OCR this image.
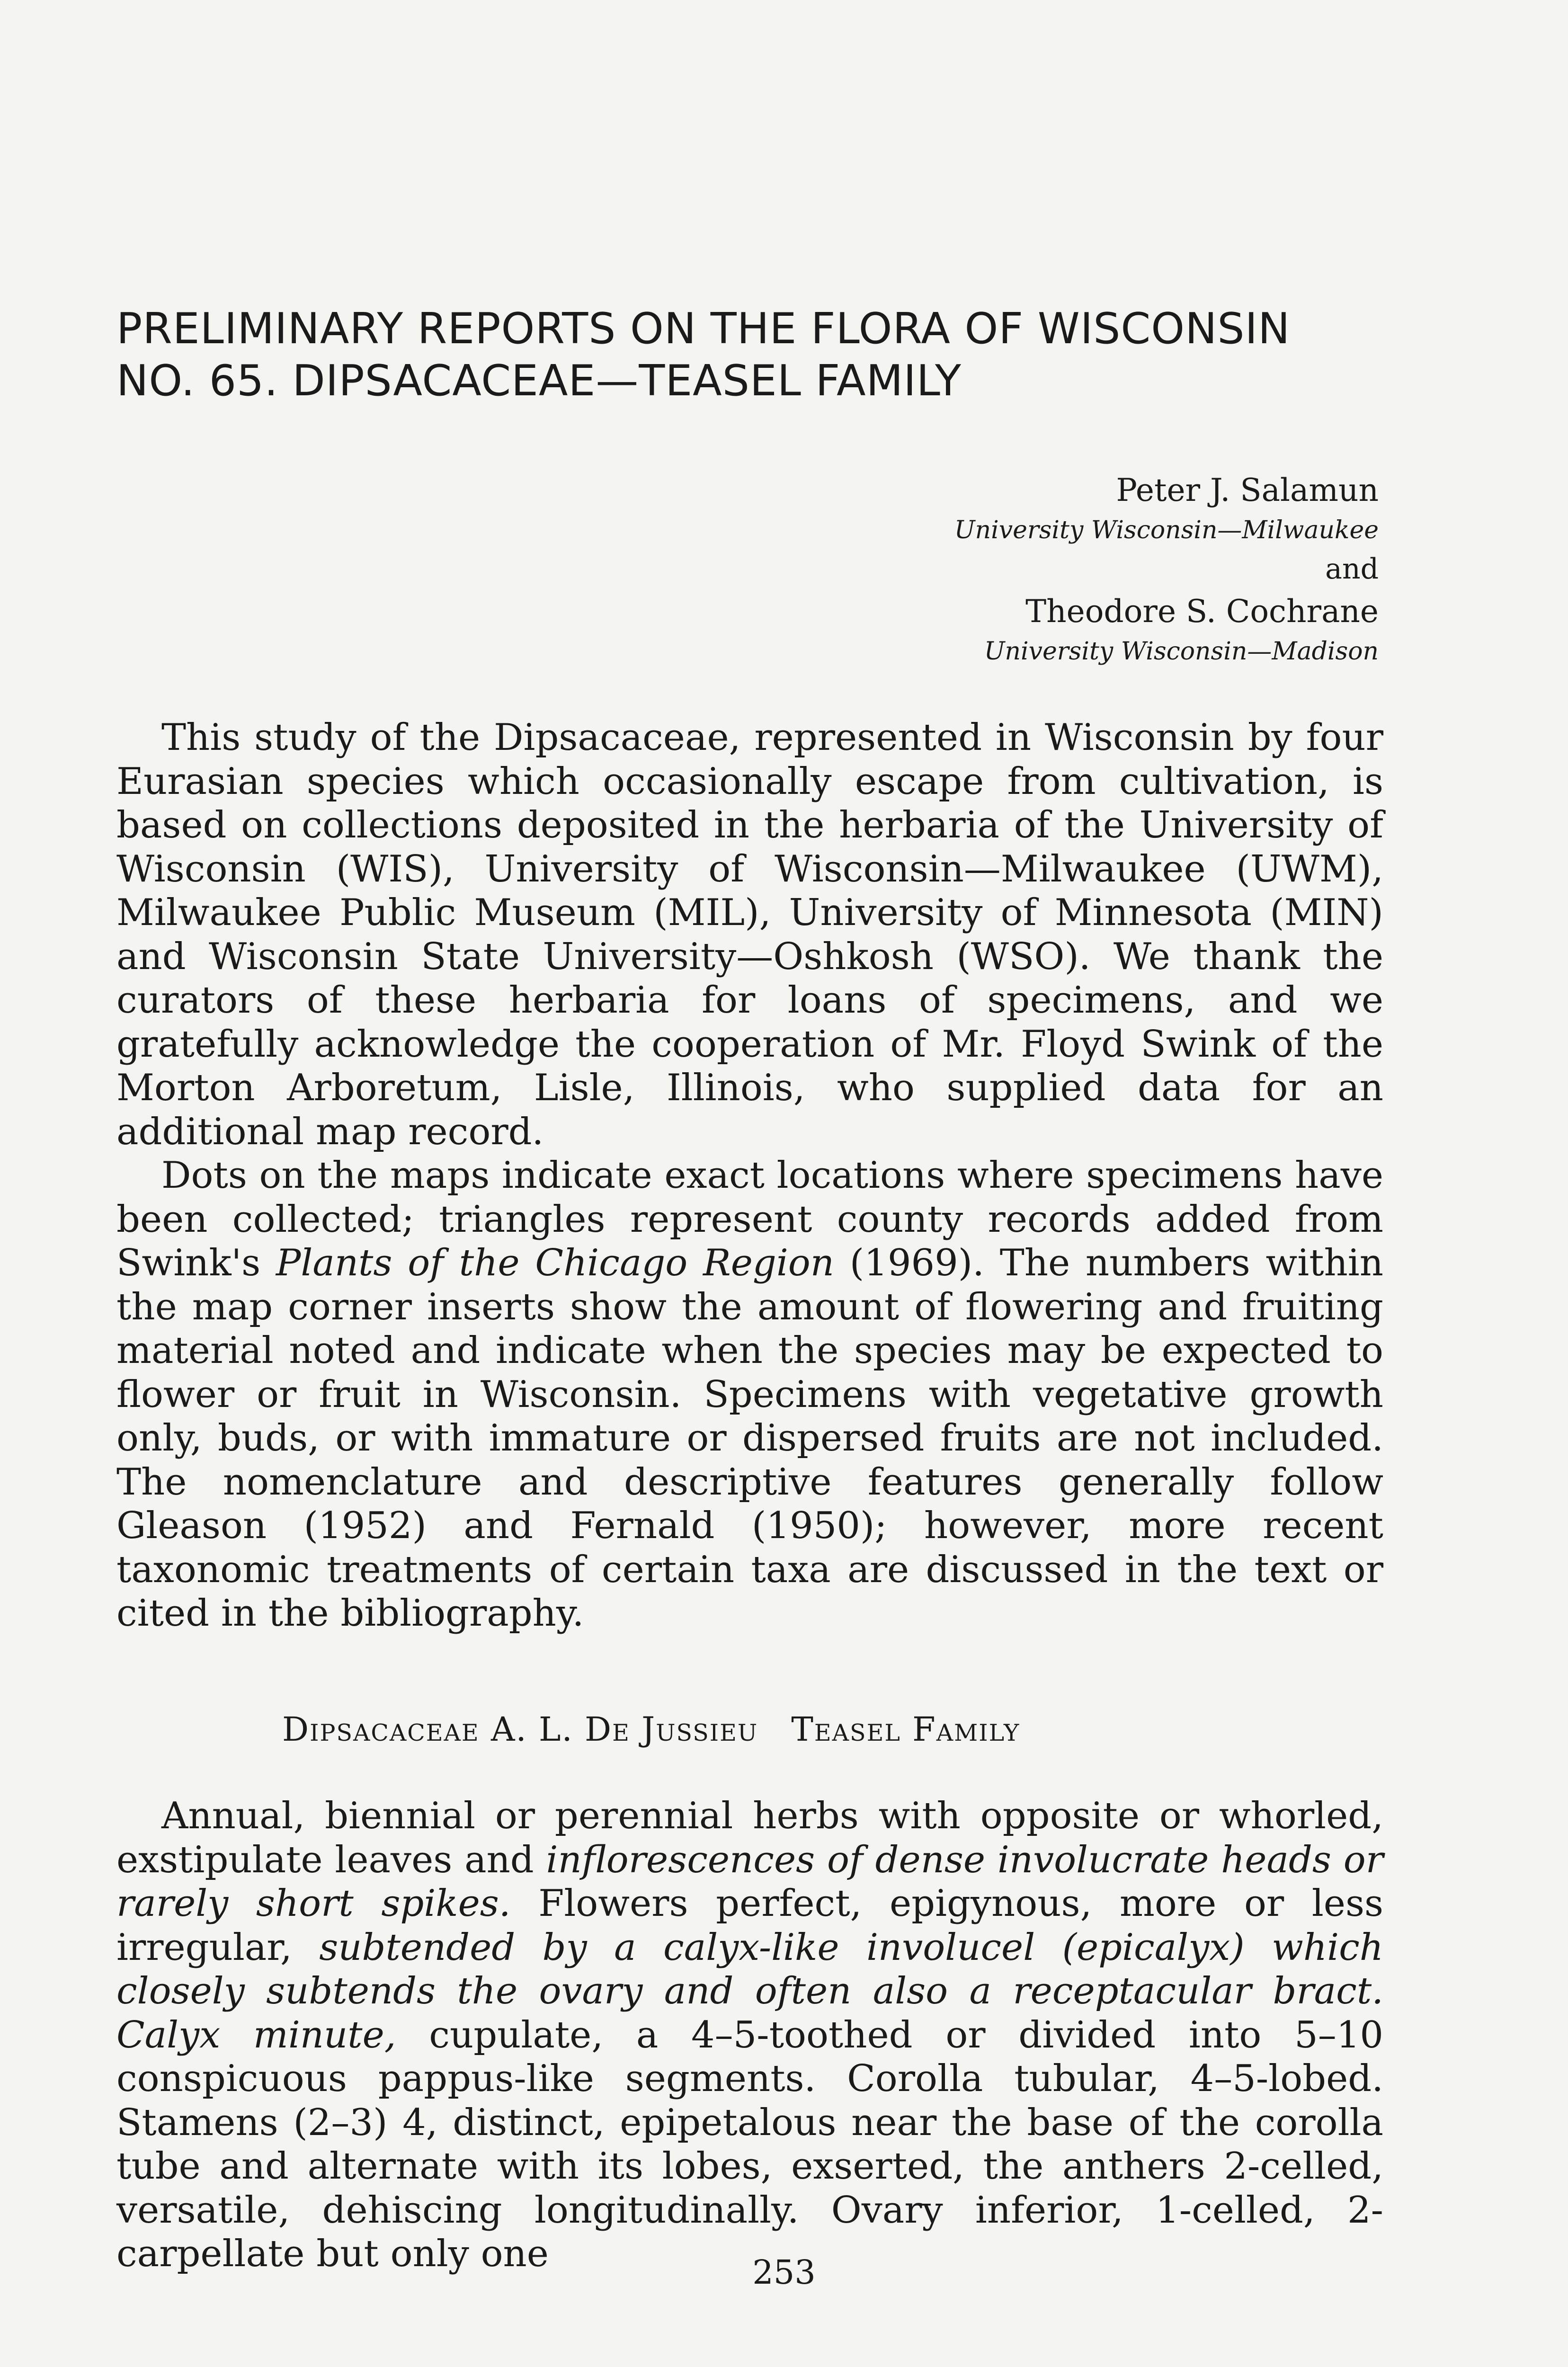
PRELIMINARY REPORTS ON THE FLORA OF WISCONSIN
NO. 65. DIPSACACEAE—TEASEL FAMILY
Peter J. Salamun
University Wisconsin—Milwaukee
and
Theodore S. Cochrane
University Wisconsin—Madison

This study of the Dipsacaceae, represented in Wisconsin by four Eurasian species which occasionally escape from cultivation, is based on collections deposited in the herbaria of the University of Wisconsin (WIS), University of Wisconsin—Milwaukee (UWM), Milwaukee Public Museum (MIL), University of Minnesota (MIN) and Wisconsin State University—Oshkosh (WSO). We thank the curators of these herbaria for loans of specimens, and we gratefully acknowledge the cooperation of Mr. Floyd Swink of the Morton Arboretum, Lisle, Illinois, who supplied data for an additional map record.

Dots on the maps indicate exact locations where specimens have been collected; triangles represent county records added from Swink's Plants of the Chicago Region (1969). The numbers within the map corner inserts show the amount of flowering and fruiting material noted and indicate when the species may be expected to flower or fruit in Wisconsin. Specimens with vegetative growth only, buds, or with immature or dispersed fruits are not included. The nomenclature and descriptive features generally follow Gleason (1952) and Fernald (1950); however, more recent taxonomic treatments of certain taxa are discussed in the text or cited in the bibliography.

Dipsacaceae A. L. De Jussieu Teasel Family

Annual, biennial or perennial herbs with opposite or whorled, exstipulate leaves and inflorescences of dense involucrate heads or rarely short spikes. Flowers perfect, epigynous, more or less irregular, subtended by a calyx-like involucel (epicalyx) which closely subtends the ovary and often also a receptacular bract. Calyx minute, cupulate, a 4–5-toothed or divided into 5–10 conspicuous pappus-like segments. Corolla tubular, 4–5-lobed. Stamens (2–3) 4, distinct, epipetalous near the base of the corolla tube and alternate with its lobes, exserted, the anthers 2-celled, versatile, dehiscing longitudinally. Ovary inferior, 1-celled, 2-carpellate but only one	253
